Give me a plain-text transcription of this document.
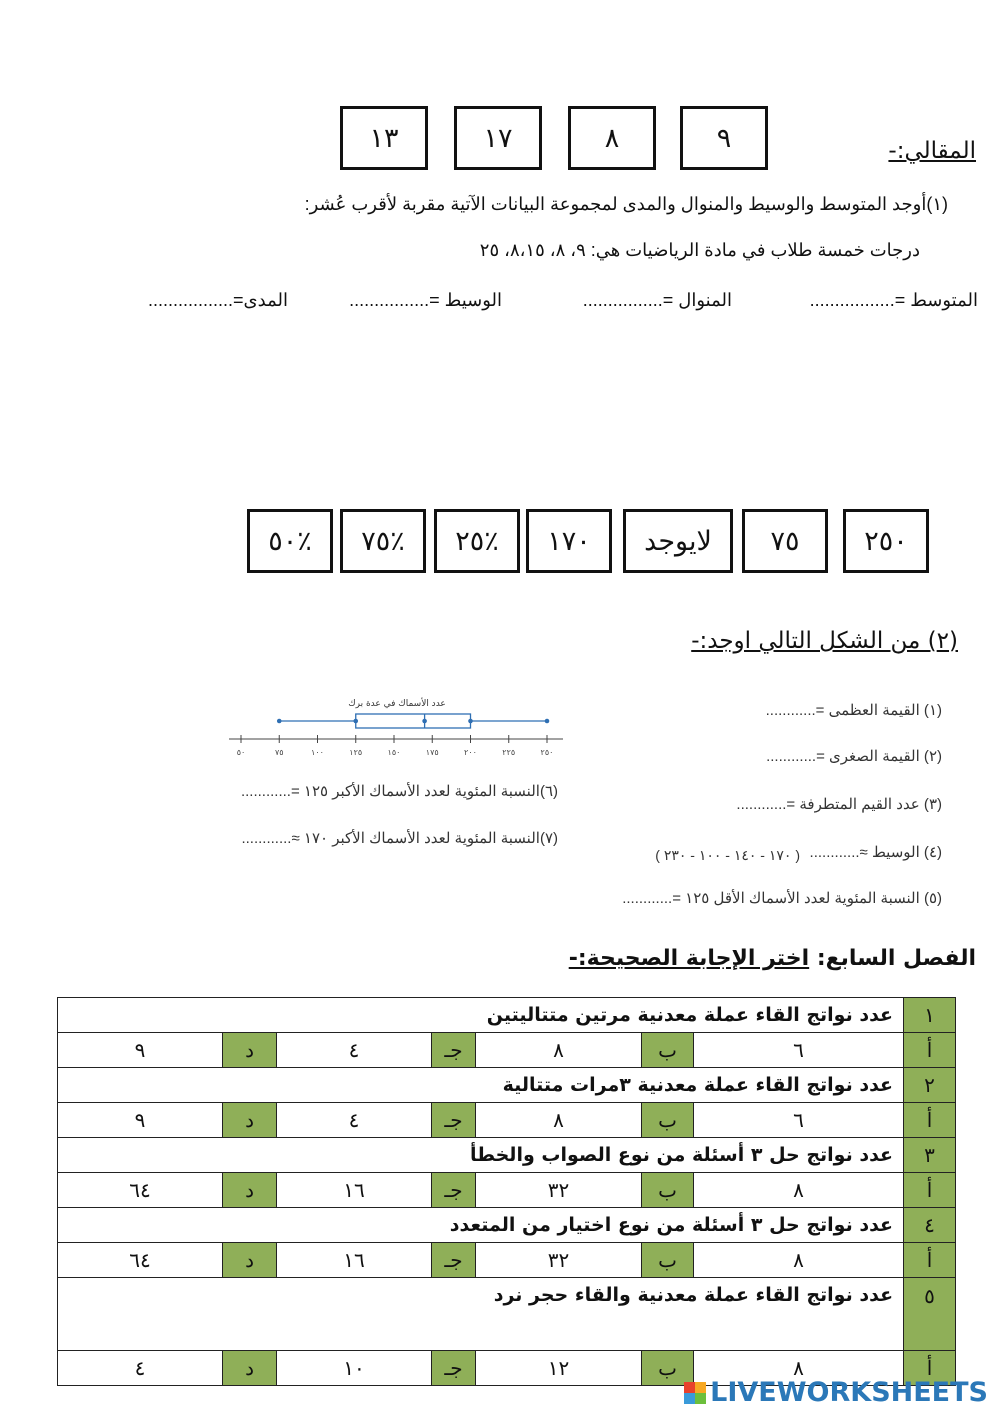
١٣	١٧	٨	٩	المقالي:-
(١)أوجد المتوسط والوسيط والمنوال والمدى لمجموعة البيانات الآتية مقربة لأقرب عُشر:
درجات خمسة طلاب في مادة الرياضيات هي: ٩، ٨، ٨،١٥، ٢٥
المتوسط =.................
المنوال =................
الوسيط =................
المدى=.................
٢٥٠
٧٥
لايوجد
١٧٠
٪٢٥
٪٧٥
٪٥٠
(٢) من الشكل التالي اوجد:-
عدد الأسماك في عدة برك
٥٠	٧٥	١٠٠	١٢٥	١٥٠	١٧٥	٢٠٠	٢٢٥	٢٥٠
(١) القيمة العظمى =............
(٢) القيمة الصغرى =............
(٣) عدد القيم المتطرفة =............
(٤) الوسيط ≈............
( ١٧٠ - ١٤٠ - ١٠٠ - ٢٣٠ )
(٥) النسبة المئوية لعدد الأسماك الأقل ١٢٥ =............
(٦)النسبة المئوية لعدد الأسماك الأكبر ١٢٥ =............
(٧)النسبة المئوية لعدد الأسماك الأكبر ١٧٠ ≈............
الفصل السابع: اختر الإجابة الصحيحة:-
١	عدد نواتج القاء عملة معدنية مرتين متتاليتين						
أ	٦	ب	٨	جـ	٤	د	٩
٢	عدد نواتج القاء عملة معدنية ٣مرات متتالية						
أ	٦	ب	٨	جـ	٤	د	٩
٣	عدد نواتج حل ٣ أسئلة من نوع الصواب والخطأ						
أ	٨	ب	٣٢	جـ	١٦	د	٦٤
٤	عدد نواتج حل ٣ أسئلة من نوع اختيار من المتعدد						
أ	٨	ب	٣٢	جـ	١٦	د	٦٤
٥	عدد نواتج القاء عملة معدنية والقاء حجر نرد						
أ	٨	ب	١٢	جـ	١٠	د	٤
LIVEWORKSHEETS
